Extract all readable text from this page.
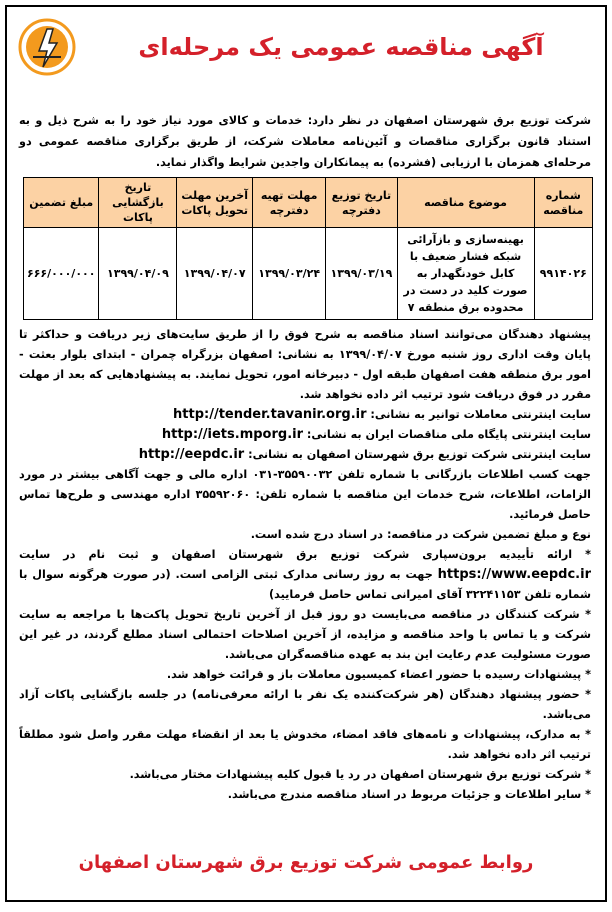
آگهی مناقصه عمومی یک مرحله‌ای
شرکت توزیع برق شهرستان اصفهان در نظر دارد: خدمات و کالای مورد نیاز خود را به شرح ذیل و به استناد قانون برگزاری مناقصات و آئین‌نامه معاملات شرکت، از طریق برگزاری مناقصه عمومی دو مرحله‌ای همزمان با ارزیابی (فشرده) به پیمانکاران واجدین شرایط واگذار نماید.
شماره مناقصه	موضوع مناقصه	تاریخ توزیع دفترچه	مهلت تهیه دفترچه	آخرین مهلت تحویل پاکات	تاریخ بازگشایی پاکات	مبلغ تضمین
۹۹۱۴۰۲۶	بهینه‌سازی و بازآرائی شبکه فشار ضعیف با کابل خودنگهدار به صورت کلید در دست در محدوده برق منطقه ۷	۱۳۹۹/۰۳/۱۹	۱۳۹۹/۰۳/۲۴	۱۳۹۹/۰۴/۰۷	۱۳۹۹/۰۴/۰۹	۶۶۶/۰۰۰/۰۰۰

پیشنهاد دهندگان می‌توانند اسناد مناقصه به شرح فوق را از طریق سایت‌های زیر دریافت و حداکثر تا پایان وقت اداری روز شنبه مورخ ۱۳۹۹/۰۴/۰۷ به نشانی: اصفهان بزرگراه چمران - ابتدای بلوار بعثت - امور برق منطقه هفت اصفهان طبقه اول - دبیرخانه امور، تحویل نمایند. به پیشنهادهایی که بعد از مهلت مقرر در فوق دریافت شود ترتیب اثر داده نخواهد شد.

سایت اینترنتی معاملات توانیر به نشانی: http://tender.tavanir.org.ir

سایت اینترنتی پایگاه ملی مناقصات ایران به نشانی: http://iets.mporg.ir

سایت اینترنتی شرکت توزیع برق شهرستان اصفهان به نشانی: http://eepdc.ir

جهت کسب اطلاعات بازرگانی با شماره تلفن ۳۵۵۹۰۰۳۲-۰۳۱ اداره مالی و جهت آگاهی بیشتر در مورد الزامات، اطلاعات، شرح خدمات این مناقصه با شماره تلفن: ۳۵۵۹۲۰۶۰ اداره مهندسی و طرح‌ها تماس حاصل فرمائید.

نوع و مبلغ تضمین شرکت در مناقصه: در اسناد درج شده است.

* ارائه تأییدیه برون‌سپاری شرکت توزیع برق شهرستان اصفهان و ثبت نام در سایت https://www.eepdc.ir جهت به روز رسانی مدارک ثبتی الزامی است. (در صورت هرگونه سوال با شماره تلفن ۳۲۲۴۱۱۵۳ آقای امیرانی تماس حاصل فرمایید)

* شرکت کنندگان در مناقصه می‌بایست دو روز قبل از آخرین تاریخ تحویل پاکت‌ها با مراجعه به سایت شرکت و یا تماس با واحد مناقصه و مزایده، از آخرین اصلاحات احتمالی اسناد مطلع گردند، در غیر این صورت مسئولیت عدم رعایت این بند به عهده مناقصه‌گران می‌باشد.

* پیشنهادات رسیده با حضور اعضاء کمیسیون معاملات باز و قرائت خواهد شد.

* حضور پیشنهاد دهندگان (هر شرکت‌کننده یک نفر با ارائه معرفی‌نامه) در جلسه بازگشایی پاکات آزاد می‌باشد.

* به مدارک، پیشنهادات و نامه‌های فاقد امضاء، مخدوش یا بعد از انقضاء مهلت مقرر واصل شود مطلقاً ترتیب اثر داده نخواهد شد.

* شرکت توزیع برق شهرستان اصفهان در رد یا قبول کلیه پیشنهادات مختار می‌باشد.

* سایر اطلاعات و جزئیات مربوط در اسناد مناقصه مندرج می‌باشد.

روابط عمومی شرکت توزیع برق شهرستان اصفهان
